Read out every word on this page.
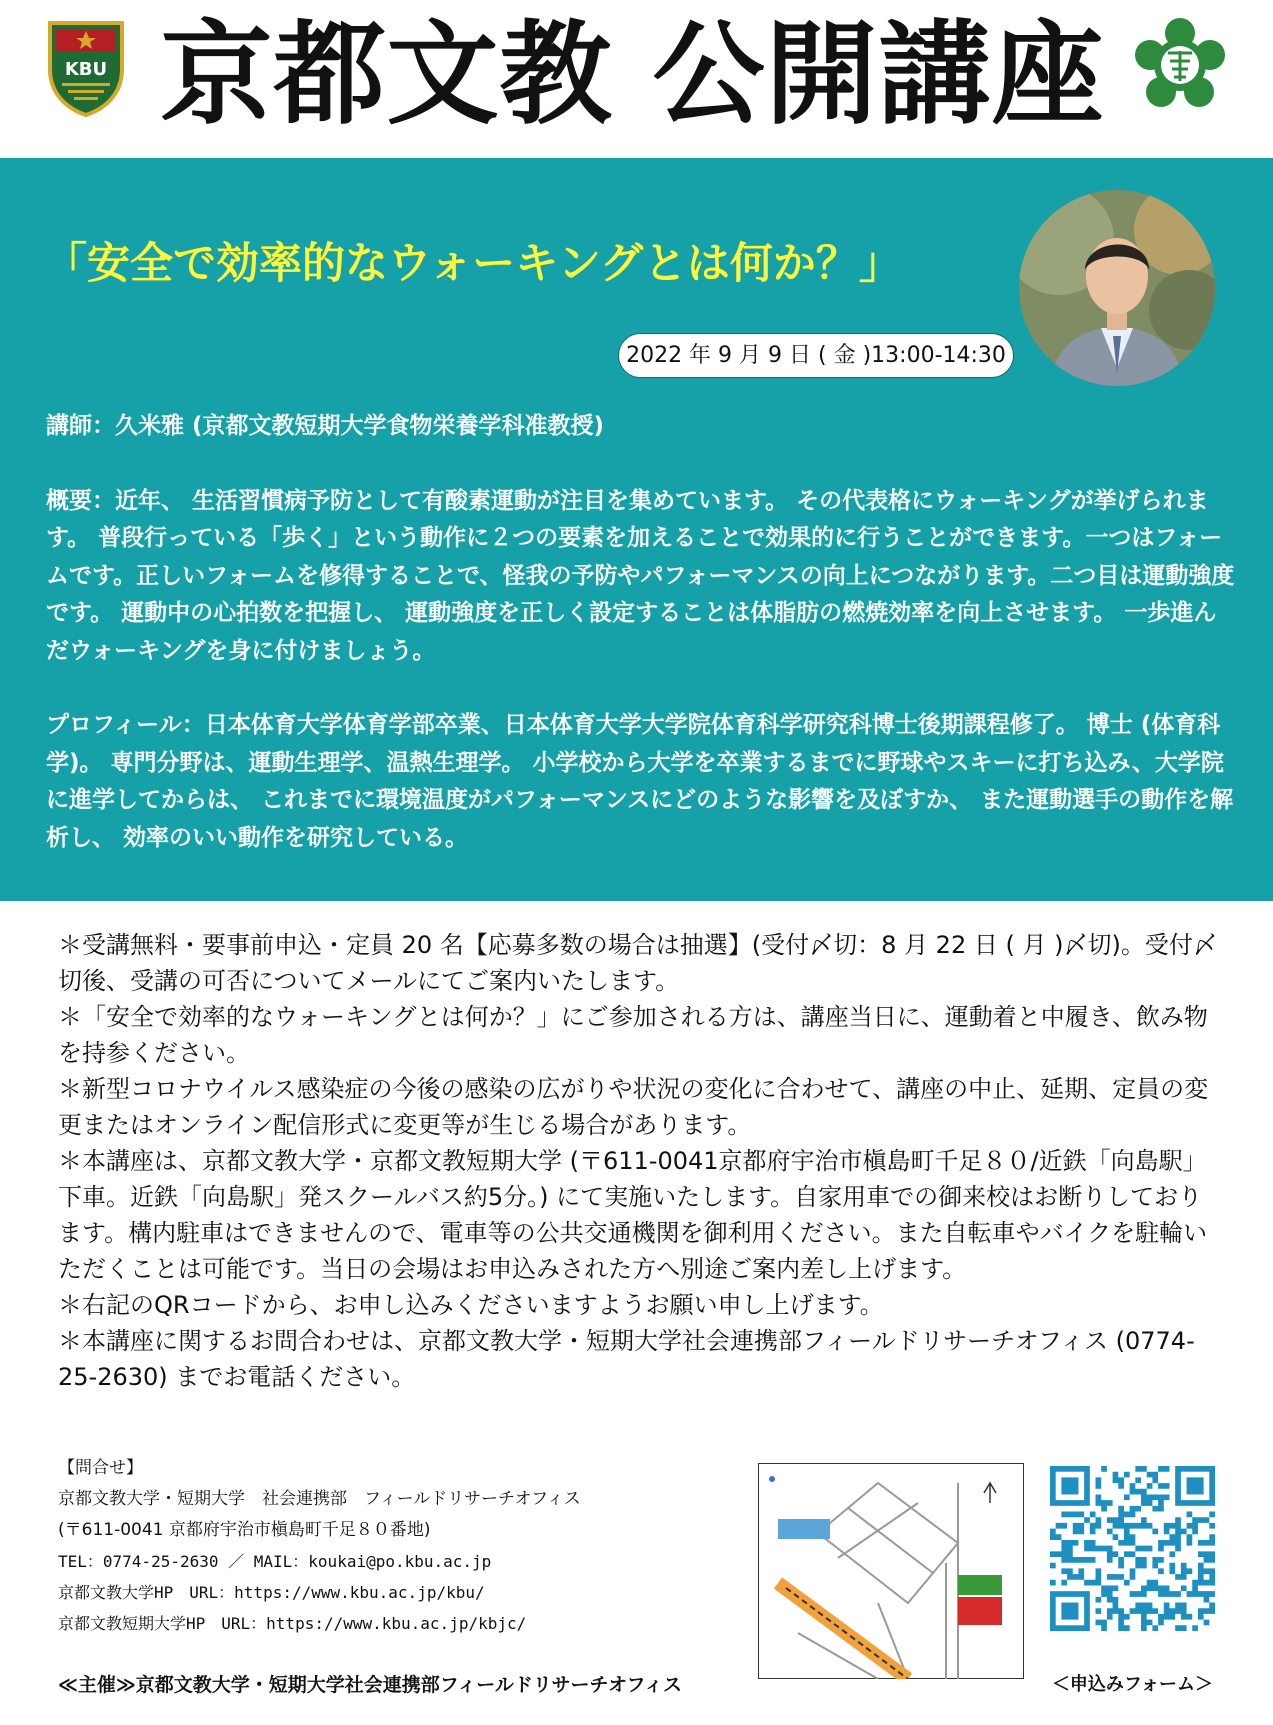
KBU 京都文教 公開講座
「安全で効率的なウォーキングとは何か？」
2022 年 9 月 9 日 ( 金 )13:00-14:30

講師：久米雅 (京都文教短期大学食物栄養学科准教授)

概要：近年、 生活習慣病予防として有酸素運動が注目を集めています。 その代表格にウォーキングが挙げられます。 普段行っている「歩く」という動作に２つの要素を加えることで効果的に行うことができます。一つはフォームです。正しいフォームを修得することで、怪我の予防やパフォーマンスの向上につながります。二つ目は運動強度です。 運動中の心拍数を把握し、 運動強度を正しく設定することは体脂肪の燃焼効率を向上させます。 一歩進んだウォーキングを身に付けましょう。

プロフィール：日本体育大学体育学部卒業、日本体育大学大学院体育科学研究科博士後期課程修了。 博士 (体育科学)。 専門分野は、運動生理学、温熱生理学。 小学校から大学を卒業するまでに野球やスキーに打ち込み、大学院に進学してからは、 これまでに環境温度がパフォーマンスにどのような影響を及ぼすか、 また運動選手の動作を解析し、 効率のいい動作を研究している。

＊受講無料・要事前申込・定員 20 名【応募多数の場合は抽選】(受付〆切：8 月 22 日 ( 月 )〆切)。受付〆切後、受講の可否についてメールにてご案内いたします。

＊「安全で効率的なウォーキングとは何か？」にご参加される方は、講座当日に、運動着と中履き、飲み物を持参ください。

＊新型コロナウイルス感染症の今後の感染の広がりや状況の変化に合わせて、講座の中止、延期、定員の変更またはオンライン配信形式に変更等が生じる場合があります。

＊本講座は、京都文教大学・京都文教短期大学 (〒611-0041京都府宇治市槇島町千足８０/近鉄「向島駅」下車。近鉄「向島駅」発スクールバス約5分。) にて実施いたします。自家用車での御来校はお断りしております。構内駐車はできませんので、電車等の公共交通機関を御利用ください。また自転車やバイクを駐輪いただくことは可能です。当日の会場はお申込みされた方へ別途ご案内差し上げます。

＊右記のQRコードから、お申し込みくださいますようお願い申し上げます。

＊本講座に関するお問合わせは、京都文教大学・短期大学社会連携部フィールドリサーチオフィス (0774-25-2630) までお電話ください。

【問合せ】
京都文教大学・短期大学　社会連携部　フィールドリサーチオフィス
(〒611-0041 京都府宇治市槇島町千足８０番地)
TEL：0774-25-2630 ／ MAIL：koukai@po.kbu.ac.jp
京都文教大学HP　URL：https://www.kbu.ac.jp/kbu/
京都文教短期大学HP　URL：https://www.kbu.ac.jp/kbjc/
≪主催≫京都文教大学・短期大学社会連携部フィールドリサーチオフィス	＜申込みフォーム＞
